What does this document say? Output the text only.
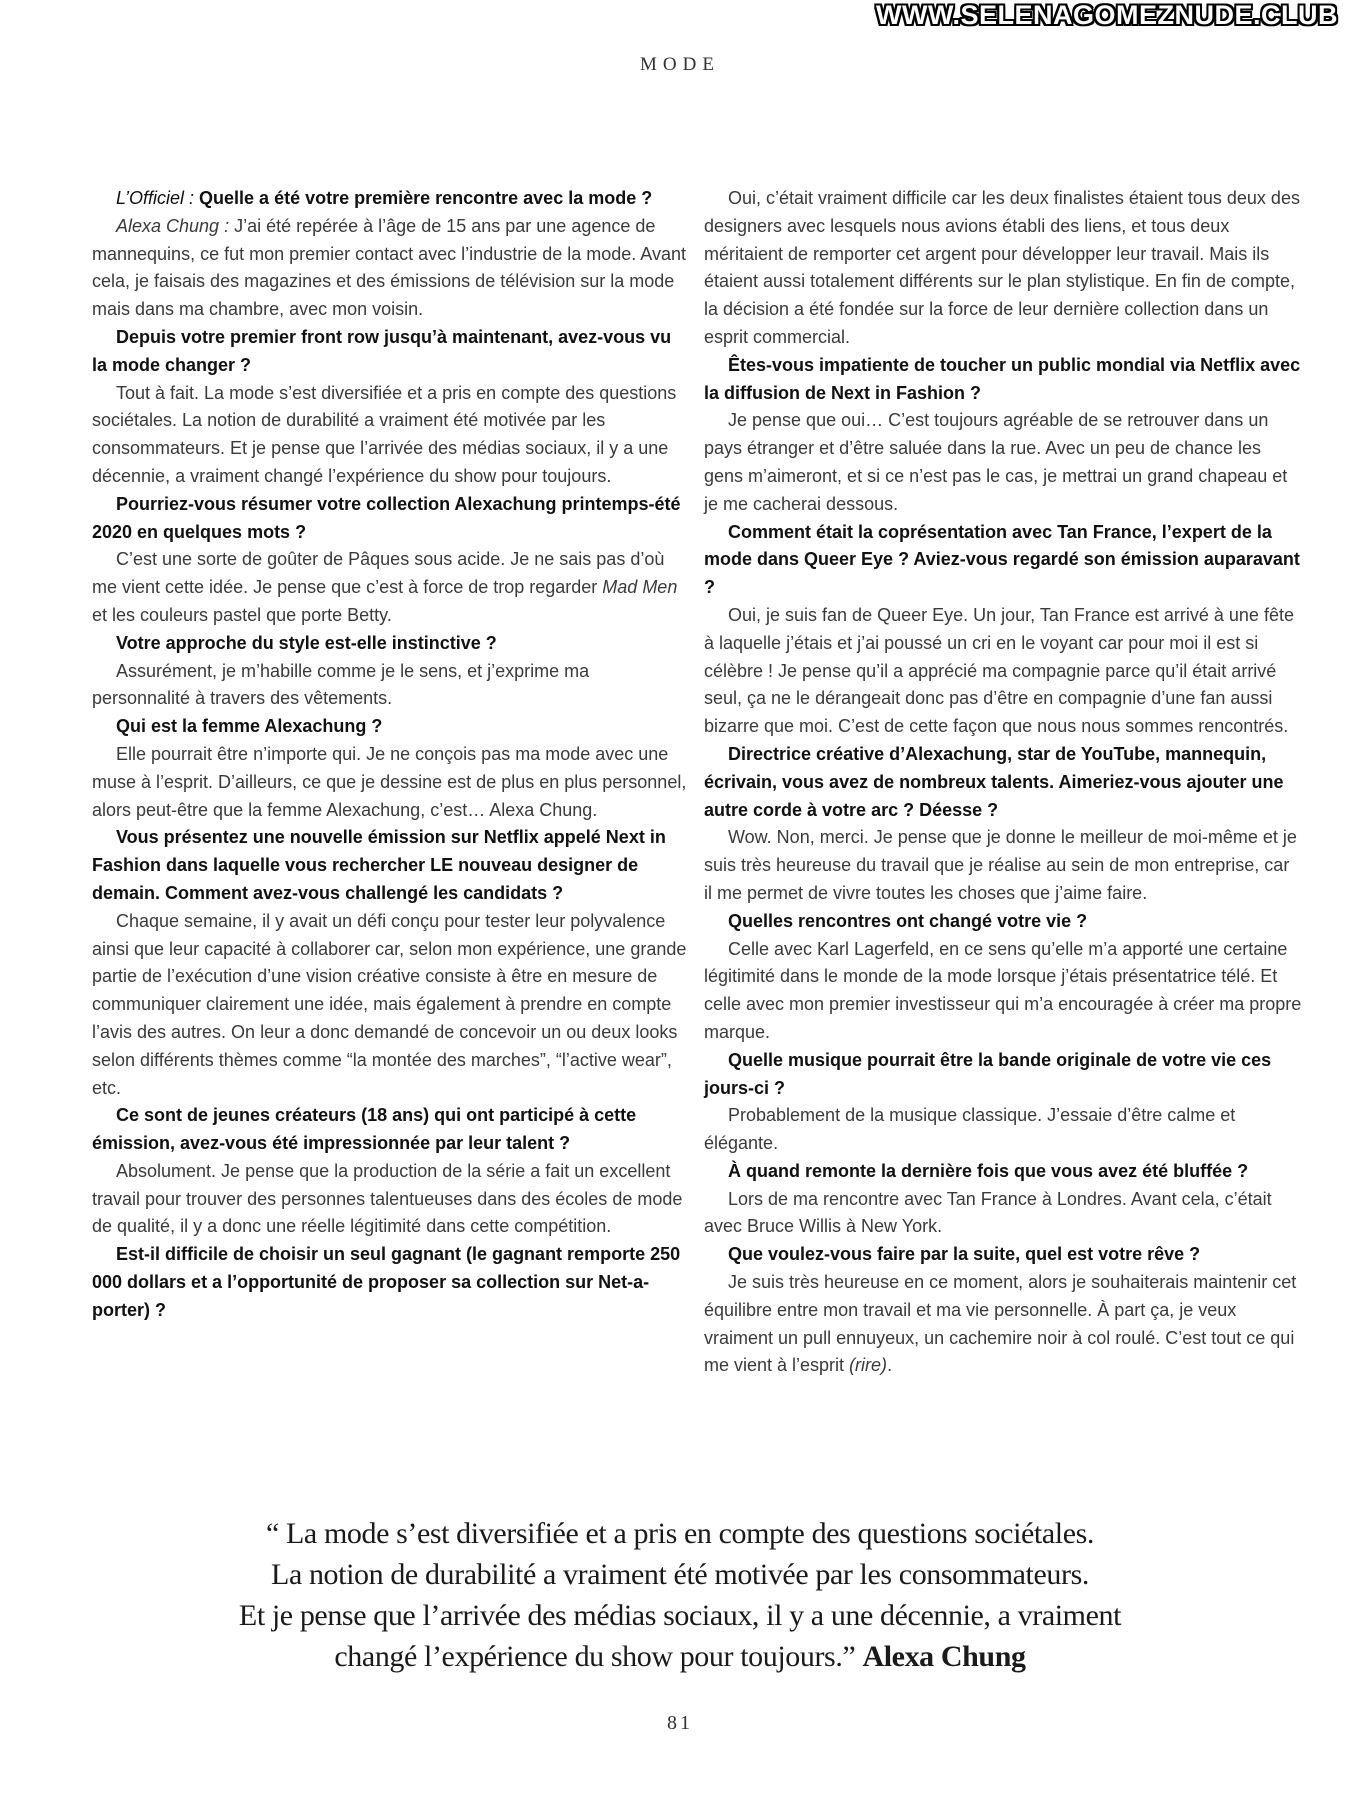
WWW.SELENAGOMEZNUDE.CLUB
MODE

L’Officiel : Quelle a été votre première rencontre avec la mode ?

Alexa Chung : J’ai été repérée à l’âge de 15 ans par une agence de mannequins, ce fut mon premier contact avec l’industrie de la mode. Avant cela, je faisais des magazines et des émissions de télévision sur la mode mais dans ma chambre, avec mon voisin.

Depuis votre premier front row jusqu’à maintenant, avez-vous vu la mode changer ?

Tout à fait. La mode s’est diversifiée et a pris en compte des questions sociétales. La notion de durabilité a vraiment été motivée par les consommateurs. Et je pense que l’arrivée des médias sociaux, il y a une décennie, a vraiment changé l’expérience du show pour toujours.

Pourriez-vous résumer votre collection Alexachung printemps-été 2020 en quelques mots ?

C’est une sorte de goûter de Pâques sous acide. Je ne sais pas d’où me vient cette idée. Je pense que c’est à force de trop regarder Mad Men et les couleurs pastel que porte Betty.

Votre approche du style est-elle instinctive ?

Assurément, je m’habille comme je le sens, et j’exprime ma personnalité à travers des vêtements.

Qui est la femme Alexachung ?

Elle pourrait être n’importe qui. Je ne conçois pas ma mode avec une muse à l’esprit. D’ailleurs, ce que je dessine est de plus en plus personnel, alors peut-être que la femme Alexachung, c’est… Alexa Chung.

Vous présentez une nouvelle émission sur Netflix appelé Next in Fashion dans laquelle vous rechercher LE nouveau designer de demain. Comment avez-vous challengé les candidats ?

Chaque semaine, il y avait un défi conçu pour tester leur polyvalence ainsi que leur capacité à collaborer car, selon mon expérience, une grande partie de l’exécution d’une vision créative consiste à être en mesure de communiquer clairement une idée, mais également à prendre en compte l’avis des autres. On leur a donc demandé de concevoir un ou deux looks selon différents thèmes comme “la montée des marches”, “l’active wear”, etc.

Ce sont de jeunes créateurs (18 ans) qui ont participé à cette émission, avez-vous été impressionnée par leur talent ?

Absolument. Je pense que la production de la série a fait un excellent travail pour trouver des personnes talentueuses dans des écoles de mode de qualité, il y a donc une réelle légitimité dans cette compétition.

Est-il difficile de choisir un seul gagnant (le gagnant remporte 250 000 dollars et a l’opportunité de proposer sa collection sur Net-a-porter) ?

Oui, c’était vraiment difficile car les deux finalistes étaient tous deux des designers avec lesquels nous avions établi des liens, et tous deux méritaient de remporter cet argent pour développer leur travail. Mais ils étaient aussi totalement différents sur le plan stylistique. En fin de compte, la décision a été fondée sur la force de leur dernière collection dans un esprit commercial.

Êtes-vous impatiente de toucher un public mondial via Netflix avec la diffusion de Next in Fashion ?

Je pense que oui… C’est toujours agréable de se retrouver dans un pays étranger et d’être saluée dans la rue. Avec un peu de chance les gens m’aimeront, et si ce n’est pas le cas, je mettrai un grand chapeau et je me cacherai dessous.

Comment était la coprésentation avec Tan France, l’expert de la mode dans Queer Eye ? Aviez-vous regardé son émission auparavant ?

Oui, je suis fan de Queer Eye. Un jour, Tan France est arrivé à une fête à laquelle j’étais et j’ai poussé un cri en le voyant car pour moi il est si célèbre ! Je pense qu’il a apprécié ma compagnie parce qu’il était arrivé seul, ça ne le dérangeait donc pas d’être en compagnie d’une fan aussi bizarre que moi. C’est de cette façon que nous nous sommes rencontrés.

Directrice créative d’Alexachung, star de YouTube, mannequin, écrivain, vous avez de nombreux talents. Aimeriez-vous ajouter une autre corde à votre arc ? Déesse ?

Wow. Non, merci. Je pense que je donne le meilleur de moi-même et je suis très heureuse du travail que je réalise au sein de mon entreprise, car il me permet de vivre toutes les choses que j’aime faire.

Quelles rencontres ont changé votre vie ?

Celle avec Karl Lagerfeld, en ce sens qu’elle m’a apporté une certaine légitimité dans le monde de la mode lorsque j’étais présentatrice télé. Et celle avec mon premier investisseur qui m’a encouragée à créer ma propre marque.

Quelle musique pourrait être la bande originale de votre vie ces jours-ci ?

Probablement de la musique classique. J’essaie d’être calme et élégante.

À quand remonte la dernière fois que vous avez été bluffée ?

Lors de ma rencontre avec Tan France à Londres. Avant cela, c’était avec Bruce Willis à New York.

Que voulez-vous faire par la suite, quel est votre rêve ?

Je suis très heureuse en ce moment, alors je souhaiterais maintenir cet équilibre entre mon travail et ma vie personnelle. À part ça, je veux vraiment un pull ennuyeux, un cachemire noir à col roulé. C’est tout ce qui me vient à l’esprit (rire).

“ La mode s’est diversifiée et a pris en compte des questions sociétales.
La notion de durabilité a vraiment été motivée par les consommateurs.
Et je pense que l’arrivée des médias sociaux, il y a une décennie, a vraiment
changé l’expérience du show pour toujours.” Alexa Chung
81
